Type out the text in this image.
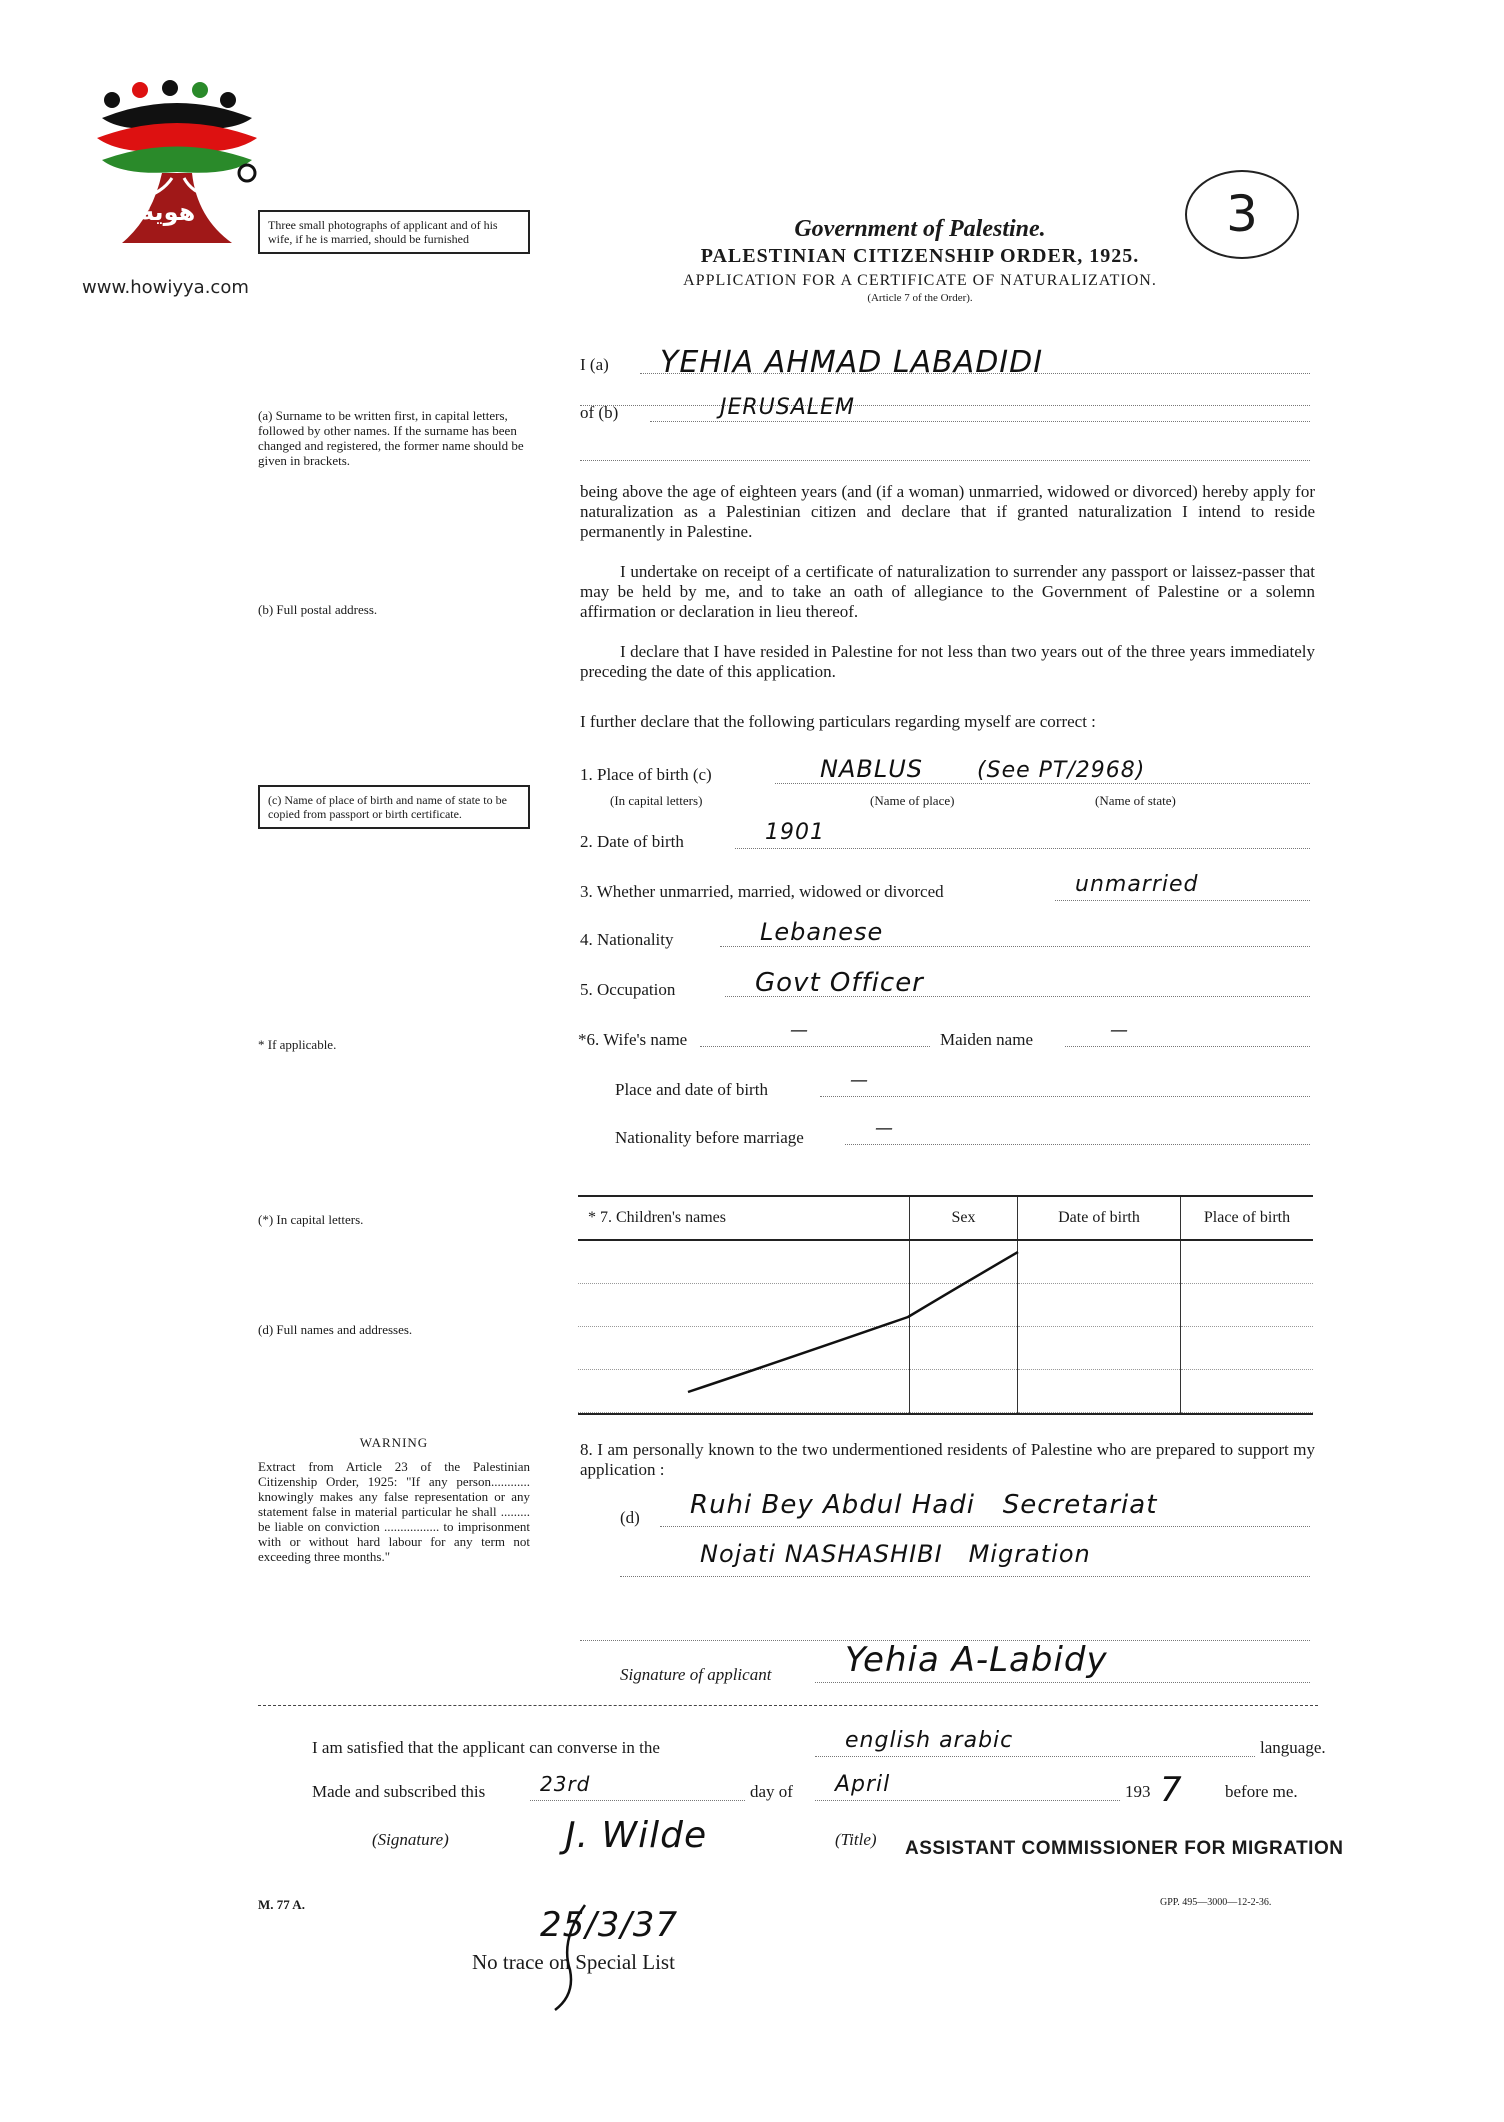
هوية
www.howiyya.com
3
Three small photographs of applicant and of his wife, if he is married, should be furnished	Government of Palestine.
PALESTINIAN CITIZENSHIP ORDER, 1925.
APPLICATION FOR A CERTIFICATE OF NATURALIZATION.
(Article 7 of the Order).
I (a)	YEHIA AHMAD LABADIDI
of (b)	JERUSALEM
(a) Surname to be written first, in capital letters, followed by other names. If the surname has been changed and registered, the former name should be given in brackets.
(b) Full postal address.
(c) Name of place of birth and name of state to be copied from passport or birth certificate.
* If applicable.
(*) In capital letters.
(d) Full names and addresses.
being above the age of eighteen years (and (if a woman) unmarried, widowed or divorced) hereby apply for naturalization as a Palestinian citizen and declare that if granted naturalization I intend to reside permanently in Palestine.
I undertake on receipt of a certificate of naturalization to surrender any passport or laissez-passer that may be held by me, and to take an oath of allegiance to the Government of Palestine or a solemn affirmation or declaration in lieu thereof.
I declare that I have resided in Palestine for not less than two years out of the three years immediately preceding the date of this application.
I further declare that the following particulars regarding myself are correct :
1. Place of birth (c)	NABLUS (See PT/2968)
(In capital letters)	(Name of place)	(Name of state)
2. Date of birth	1901
3. Whether unmarried, married, widowed or divorced	unmarried
4. Nationality	Lebanese
5. Occupation	Govt Officer
*6. Wife's name	—	Maiden name	—
Place and date of birth	—
Nationality before marriage	—
* 7. Children's names	Sex	Date of birth	Place of birth

WARNING
Extract from Article 23 of the Palestinian Citizenship Order, 1925: "If any person............ knowingly makes any false representation or any statement false in material particular he shall ......... be liable on conviction ................. to imprisonment with or without hard labour for any term not exceeding three months."
8. I am personally known to the two undermentioned residents of Palestine who are prepared to support my application :
(d)	Ruhi Bey Abdul Hadi   Secretariat
Nojati NASHASHIBI   Migration
Signature of applicant	Yehia A-Labidy
I am satisfied that the applicant can converse in the	english arabic	language.
Made and subscribed this	23rd	day of	April	193 7 before me.
(Signature)	J. Wilde	(Title) ASSISTANT COMMISSIONER FOR MIGRATION
M. 77 A.	GPP. 495—3000—12-2-36.
25/3/37
No trace on Special List
